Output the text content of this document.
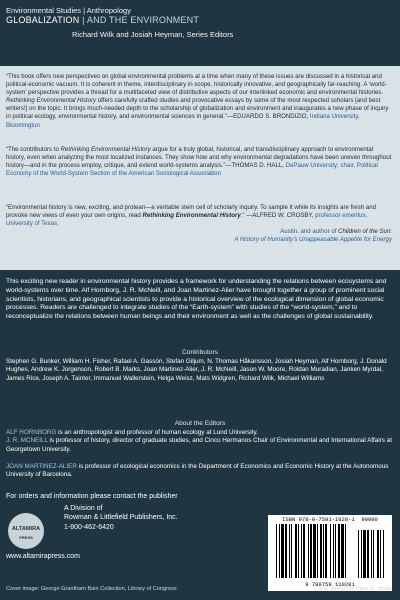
Environmental Studies | Anthropology
GLOBALIZATION | AND THE ENVIRONMENT
Richard Wilk and Josiah Heyman, Series Editors

“This book offers new perspectives on global environmental problems at a time when many of these issues are discussed in a historical and political-economic vacuum. It is coherent in theme, interdisciplinary in scope, historically innovative, and geographically far-reaching. A ‘world-system’ perspective provides a thread for a multifaceted view of distributive aspects of our interlinked economic and environmental histories. Rethinking Environmental History offers carefully crafted studies and provocative essays by some of the most respected scholars [and best writers!] on the topic. It brings much-needed depth to the scholarship of globalization and environment and inaugurates a new phase of inquiry in political ecology, environmental history, and environmental sciences in general.”—EDUARDO S. BRONDIZIO, Indiana University, Bloomington

“The contributors to Rethinking Environmental History argue for a truly global, historical, and transdisciplinary approach to environmental history, even when analyzing the most localized instances. They show how and why environmental degradations have been uneven throughout history—and in the process employ, critique, and extend world-systems analysis.”—THOMAS D. HALL, DePauw University; chair, Political Economy of the World-System Section of the American Sociological Association

“Environmental history is new, exciting, and protean—a veritable stem cell of scholarly inquiry. To sample it while its insights are fresh and provoke new views of even your own origins, read Rethinking Environmental History.” —ALFRED W. CROSBY, professor emeritus, University of Texas,

Austin, and author of Children of the Sun:
A History of Humanity’s Unappeasable Appetite for Energy

This exciting new reader in environmental history provides a framework for understanding the relations between ecosystems and world-systems over time. Alf Hornborg, J. R. McNeill, and Joan Martinez-Alier have brought together a group of prominent social scientists, historians, and geographical scientists to provide a historical overview of the ecological dimension of global economic processes. Readers are challenged to integrate studies of the “Earth-system” with studies of the “world-system,” and to reconceptualize the relations between human beings and their environment as well as the challenges of global sustainability.

Contributors

Stephen G. Bunker, William H. Fisher, Rafael A. Gassón, Stefan Giljum, N. Thomas Håkansson, Josiah Heyman, Alf Hornborg, J. Donald Hughes, Andrew K. Jorgenson, Robert B. Marks, Joan Martinez-Alier, J. R. McNeill, Jason W. Moore, Roldan Muradian, Janken Myrdal, James Rice, Joseph A. Tainter, Immanuel Wallerstein, Helga Weisz, Mats Widgren, Richard Wilk, Michael Williams

About the Editors

ALF HORNBORG is an anthropologist and professor of human ecology at Lund University.
J. R. MCNEILL is professor of history, director of graduate studies, and Cinco Hermanos Chair of Environmental and International Affairs at Georgetown University.

JOAN MARTINEZ-ALIER is professor of ecological economics in the Department of Economics and Economic History at the Autonomous University of Barcelona.

For orders and information please contact the publisher
A Division of
Rowman & Littlefield Publishers, Inc.
1-800-462-6420
www.altamirapress.com
ALTAMIRA
PRESS
ISBN 978-0-7591-1028-1 90000
9 780759 110281
Cover image: George Grantham Bain Collection, Library of Congress	Cover design by Piper E. Wallis
